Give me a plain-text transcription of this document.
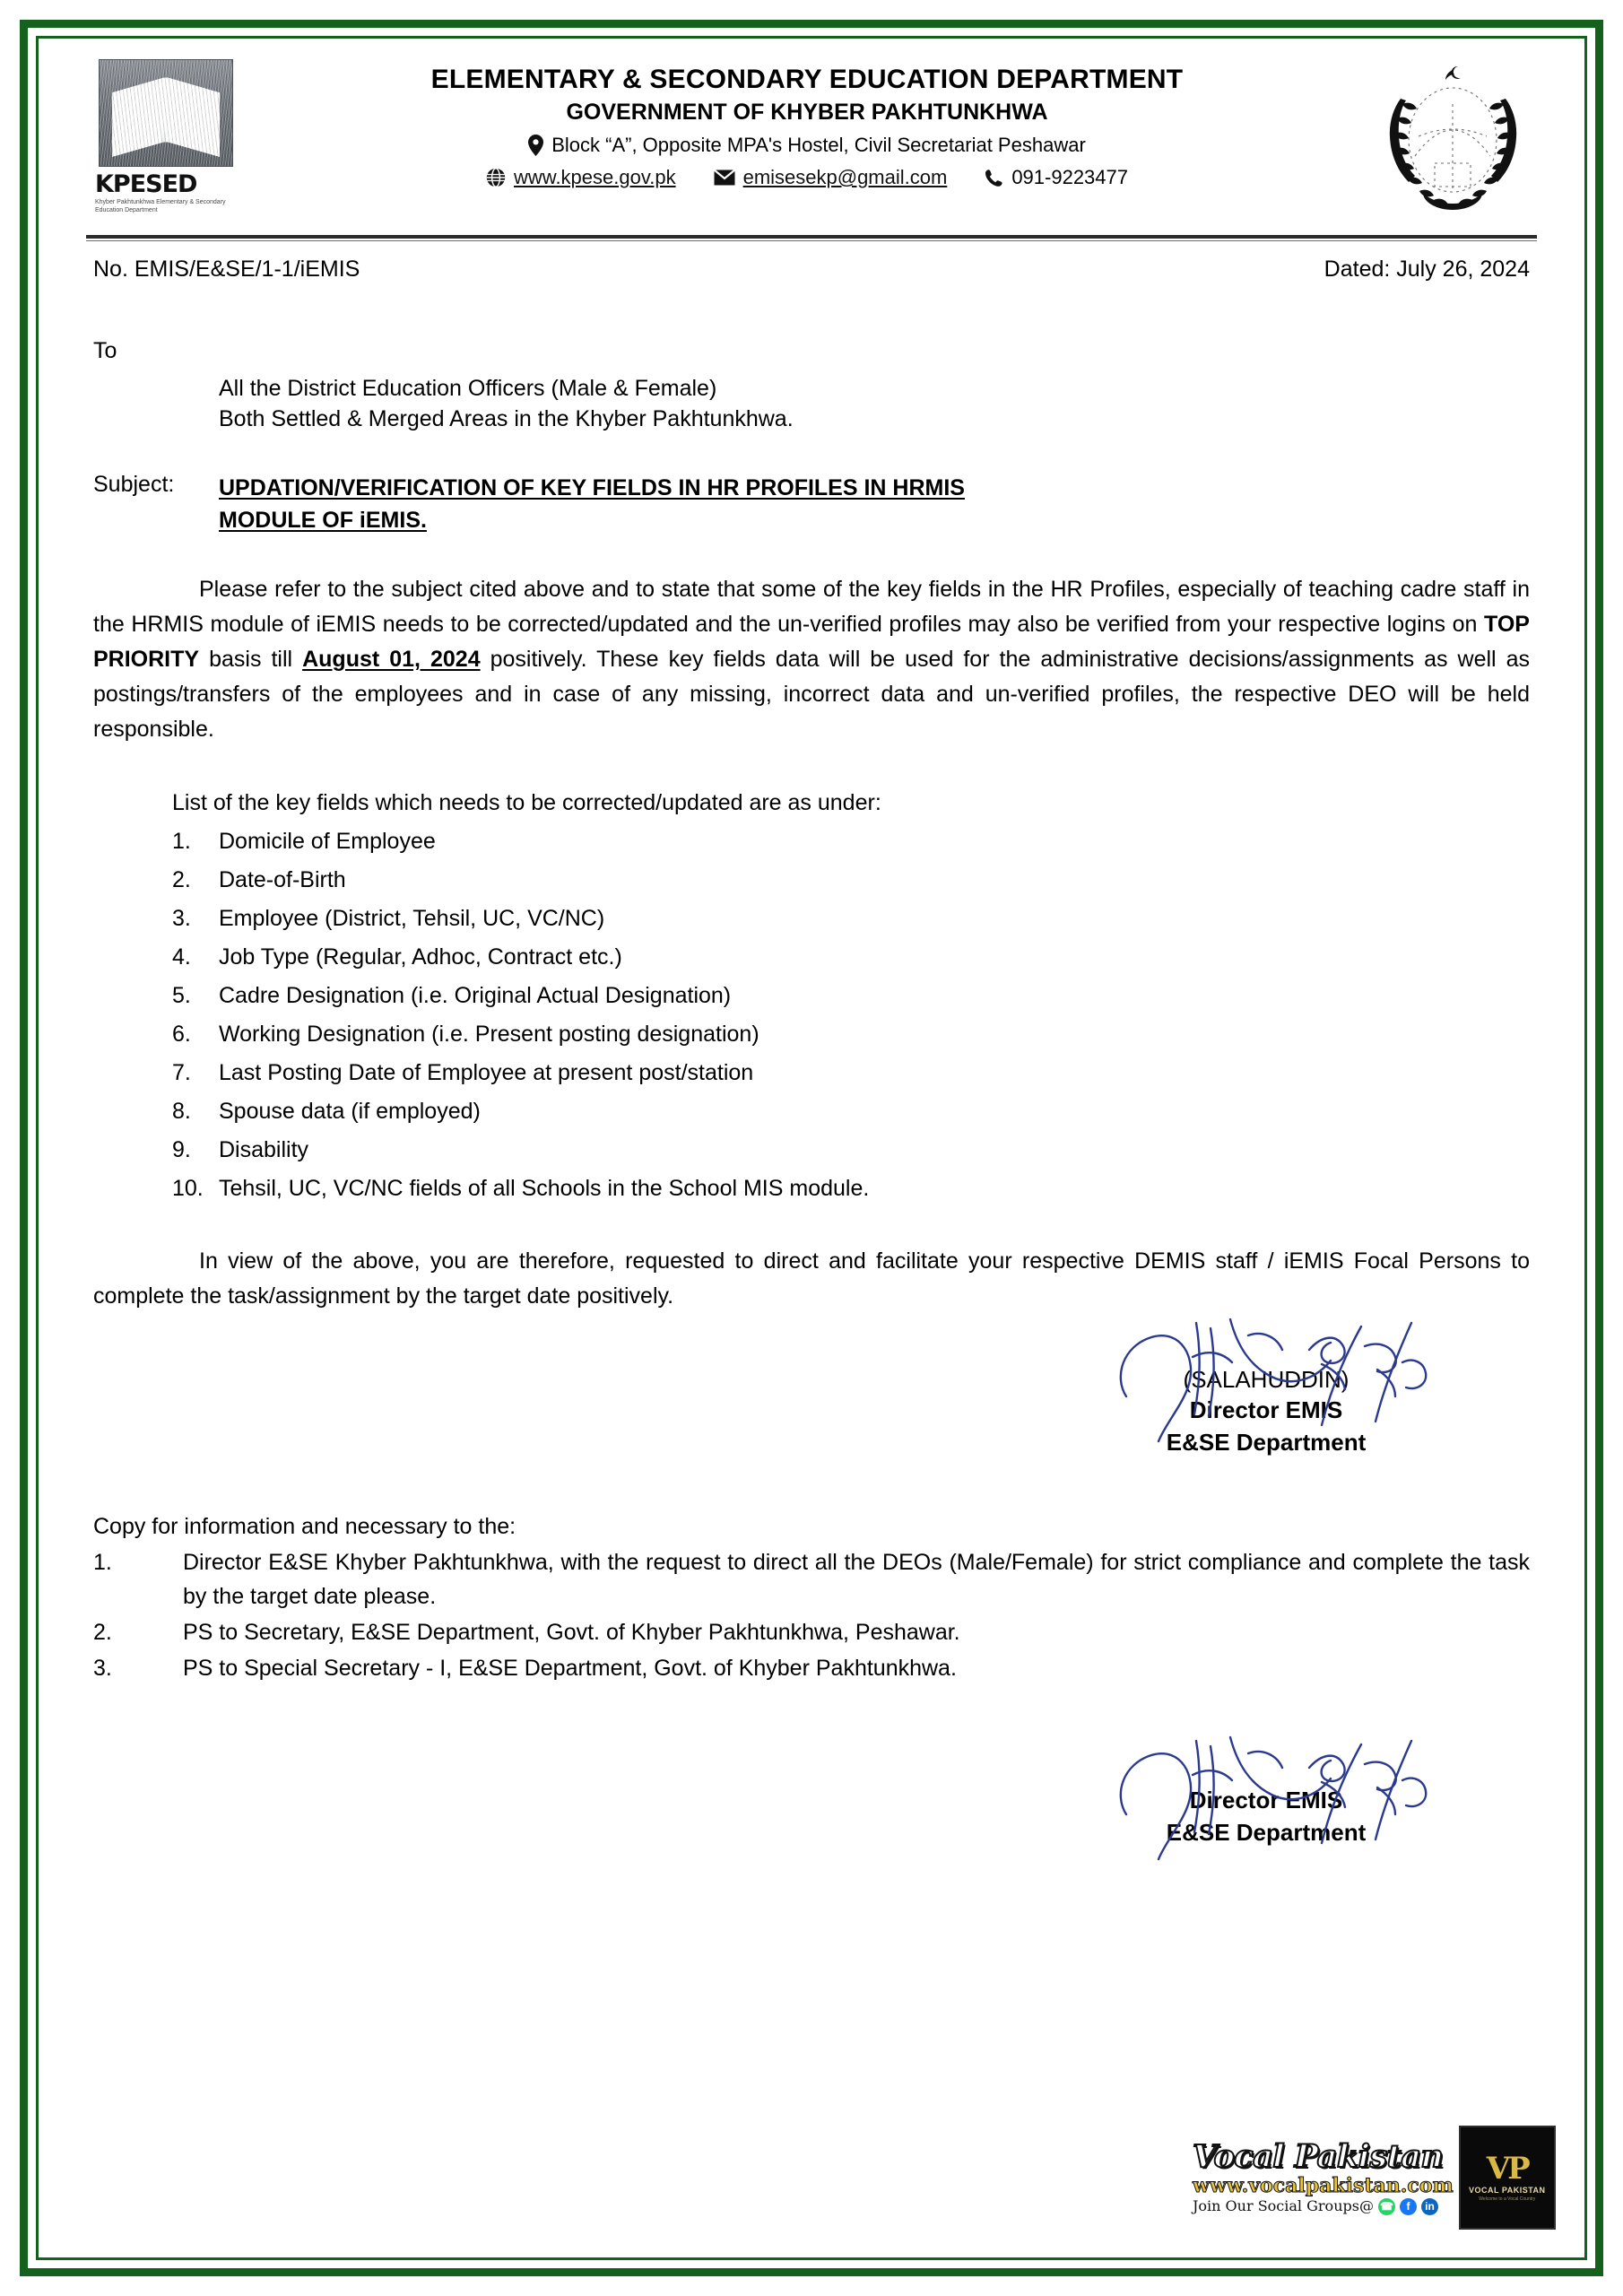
KPESED
Khyber Pakhtunkhwa Elementary & Secondary Education Department
ELEMENTARY & SECONDARY EDUCATION DEPARTMENT
GOVERNMENT OF KHYBER PAKHTUNKHWA
Block “A”, Opposite MPA's Hostel, Civil Secretariat Peshawar
www.kpese.gov.pk	emisesekp@gmail.com	091-9223477
No. EMIS/E&SE/1-1/iEMIS	Dated: July 26, 2024
To
All the District Education Officers (Male & Female)
Both Settled & Merged Areas in the Khyber Pakhtunkhwa.
Subject:	UPDATION/VERIFICATION OF KEY FIELDS IN HR PROFILES IN HRMIS
MODULE OF iEMIS.
Please refer to the subject cited above and to state that some of the key fields in the HR Profiles, especially of teaching cadre staff in the HRMIS module of iEMIS needs to be corrected/updated and the un-verified profiles may also be verified from your respective logins on TOP PRIORITY basis till August 01, 2024 positively. These key fields data will be used for the administrative decisions/assignments as well as postings/transfers of the employees and in case of any missing, incorrect data and un-verified profiles, the respective DEO will be held responsible.
List of the key fields which needs to be corrected/updated are as under:
1.	Domicile of Employee
2.	Date-of-Birth
3.	Employee (District, Tehsil, UC, VC/NC)
4.	Job Type (Regular, Adhoc, Contract etc.)
5.	Cadre Designation (i.e. Original Actual Designation)
6.	Working Designation (i.e. Present posting designation)
7.	Last Posting Date of Employee at present post/station
8.	Spouse data (if employed)
9.	Disability
10. Tehsil, UC, VC/NC fields of all Schools in the School MIS module.
In view of the above, you are therefore, requested to direct and facilitate your respective DEMIS staff / iEMIS Focal Persons to complete the task/assignment by the target date positively.
(SALAHUDDIN)
Director EMIS
E&SE Department
Copy for information and necessary to the:
1.	Director E&SE Khyber Pakhtunkhwa, with the request to direct all the DEOs (Male/Female) for strict compliance and complete the task by the target date please.
2.	PS to Secretary, E&SE Department, Govt. of Khyber Pakhtunkhwa, Peshawar.
3.	PS to Special Secretary - I, E&SE Department, Govt. of Khyber Pakhtunkhwa.
Director EMIS
E&SE Department
Vocal Pakistan
www.vocalpakistan.com
Join Our Social Groups@ ☎	f	in
VP
VOCAL PAKISTAN
Welcome to a Vocal Country
